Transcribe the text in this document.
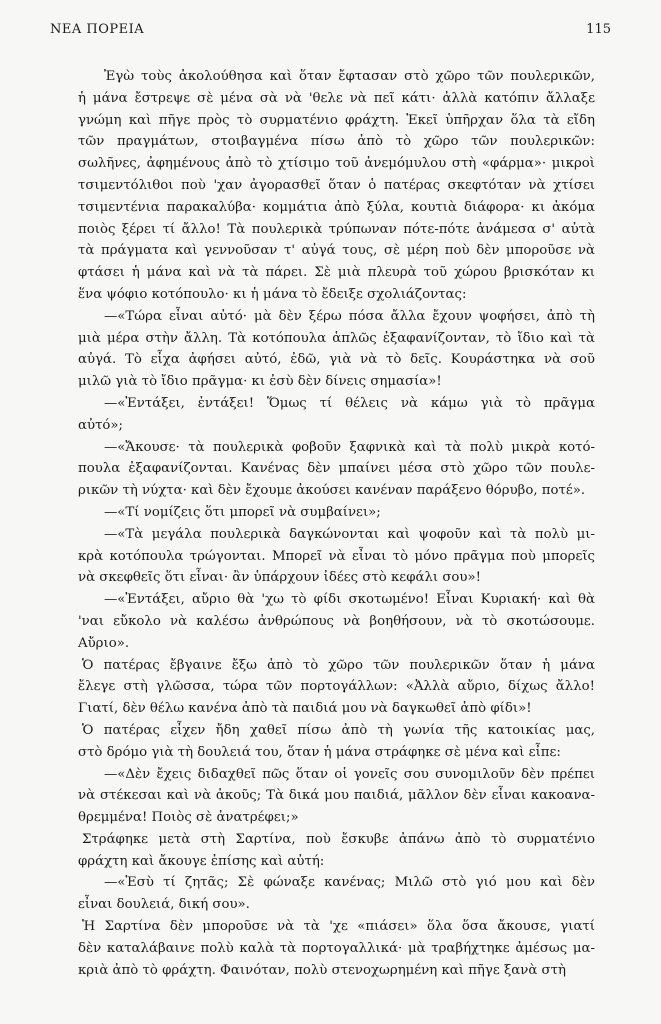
ΝΕΑ ΠΟΡΕΙΑ	115

Ἐγὼ τοὺς ἀκολούθησα καὶ ὅταν ἔφτασαν στὸ χῶρο τῶν πουλερικῶν,
ἡ μάνα ἔστρεψε σὲ μένα σὰ νὰ 'θελε νὰ πεῖ κάτι· ἀλλὰ κατόπιν ἄλλαξε
γνώμη καὶ πῆγε πρὸς τὸ συρματένιο φράχτη. Ἐκεῖ ὑπῆρχαν ὅλα τὰ εἴδη
τῶν πραγμάτων, στοιβαγμένα πίσω ἀπὸ τὸ χῶρο τῶν πουλερικῶν:
σωλῆνες, ἀφημένους ἀπὸ τὸ χτίσιμο τοῦ ἀνεμόμυλου στὴ «φάρμα»· μικροὶ
τσιμεντόλιθοι ποὺ 'χαν ἀγορασθεῖ ὅταν ὁ πατέρας σκεφτόταν νὰ χτίσει
τσιμεντένια παρακαλύβα· κομμάτια ἀπὸ ξύλα, κουτιὰ διάφορα· κι ἀκόμα
ποιὸς ξέρει τί ἄλλο! Τὰ πουλερικὰ τρύπωναν πότε-πότε ἀνάμεσα σ' αὐτὰ
τὰ πράγματα καὶ γεννοῦσαν τ' αὐγά τους, σὲ μέρη ποὺ δὲν μποροῦσε νὰ
φτάσει ἡ μάνα καὶ νὰ τὰ πάρει. Σὲ μιὰ πλευρὰ τοῦ χώρου βρισκόταν κι
ἕνα ψόφιο κοτόπουλο· κι ἡ μάνα τὸ ἔδειξε σχολιάζοντας:

—«Τώρα εἶναι αὐτό· μὰ δὲν ξέρω πόσα ἄλλα ἔχουν ψοφήσει, ἀπὸ τὴ
μιὰ μέρα στὴν ἄλλη. Τὰ κοτόπουλα ἁπλῶς ἐξαφανίζονταν, τὸ ἴδιο καὶ τὰ
αὐγά. Τὸ εἶχα ἀφήσει αὐτό, ἐδῶ, γιὰ νὰ τὸ δεῖς. Κουράστηκα νὰ σοῦ
μιλῶ γιὰ τὸ ἴδιο πρᾶγμα· κι ἐσὺ δὲν δίνεις σημασία»!

—«Ἐντάξει, ἐντάξει! Ὅμως τί θέλεις νὰ κάμω γιὰ τὸ πρᾶγμα
αὐτό»;

—«Ἄκουσε· τὰ πουλερικὰ φοβοῦν ξαφνικὰ καὶ τὰ πολὺ μικρὰ κοτό-
πουλα ἐξαφανίζονται. Κανένας δὲν μπαίνει μέσα στὸ χῶρο τῶν πουλε-
ρικῶν τὴ νύχτα· καὶ δὲν ἔχουμε ἀκούσει κανέναν παράξενο θόρυβο, ποτέ».

—«Τί νομίζεις ὅτι μπορεῖ νὰ συμβαίνει»;

—«Τὰ μεγάλα πουλερικὰ δαγκώνονται καὶ ψοφοῦν καὶ τὰ πολὺ μι-
κρὰ κοτόπουλα τρώγονται. Μπορεῖ νὰ εἶναι τὸ μόνο πρᾶγμα ποὺ μπορεῖς
νὰ σκεφθεῖς ὅτι εἶναι· ἂν ὑπάρχουν ἰδέες στὸ κεφάλι σου»!

—«Ἐντάξει, αὔριο θὰ 'χω τὸ φίδι σκοτωμένο! Εἶναι Κυριακή· καὶ θὰ
'ναι εὔκολο νὰ καλέσω ἀνθρώπους νὰ βοηθήσουν, νὰ τὸ σκοτώσουμε.
Αὔριο».

Ὁ πατέρας ἔβγαινε ἔξω ἀπὸ τὸ χῶρο τῶν πουλερικῶν ὅταν ἡ μάνα
ἔλεγε στὴ γλῶσσα, τώρα τῶν πορτογάλλων: «Ἀλλὰ αὔριο, δίχως ἄλλο!
Γιατί, δὲν θέλω κανένα ἀπὸ τὰ παιδιά μου νὰ δαγκωθεῖ ἀπὸ φίδι»!

Ὁ πατέρας εἶχεν ἤδη χαθεῖ πίσω ἀπὸ τὴ γωνία τῆς κατοικίας μας,
στὸ δρόμο γιὰ τὴ δουλειά του, ὅταν ἡ μάνα στράφηκε σὲ μένα καὶ εἶπε:

—«Δὲν ἔχεις διδαχθεῖ πῶς ὅταν οἱ γονεῖς σου συνομιλοῦν δὲν πρέπει
νὰ στέκεσαι καὶ νὰ ἀκοῦς; Τὰ δικά μου παιδιά, μᾶλλον δὲν εἶναι κακοανα-
θρεμμένα! Ποιὸς σὲ ἀνατρέφει;»

Στράφηκε μετὰ στὴ Σαρτίνα, ποὺ ἔσκυβε ἀπάνω ἀπὸ τὸ συρματένιο
φράχτη καὶ ἄκουγε ἐπίσης καὶ αὐτή:

—«Ἐσὺ τί ζητᾶς; Σὲ φώναξε κανένας; Μιλῶ στὸ γιό μου καὶ δὲν
εἶναι δουλειά, δική σου».

Ἡ Σαρτίνα δὲν μποροῦσε νὰ τὰ 'χε «πιάσει» ὅλα ὅσα ἄκουσε, γιατί
δὲν καταλάβαινε πολὺ καλὰ τὰ πορτογαλλικά· μὰ τραβήχτηκε ἀμέσως μα-
κριὰ ἀπὸ τὸ φράχτη. Φαινόταν, πολὺ στενοχωρημένη καὶ πῆγε ξανὰ στὴ
